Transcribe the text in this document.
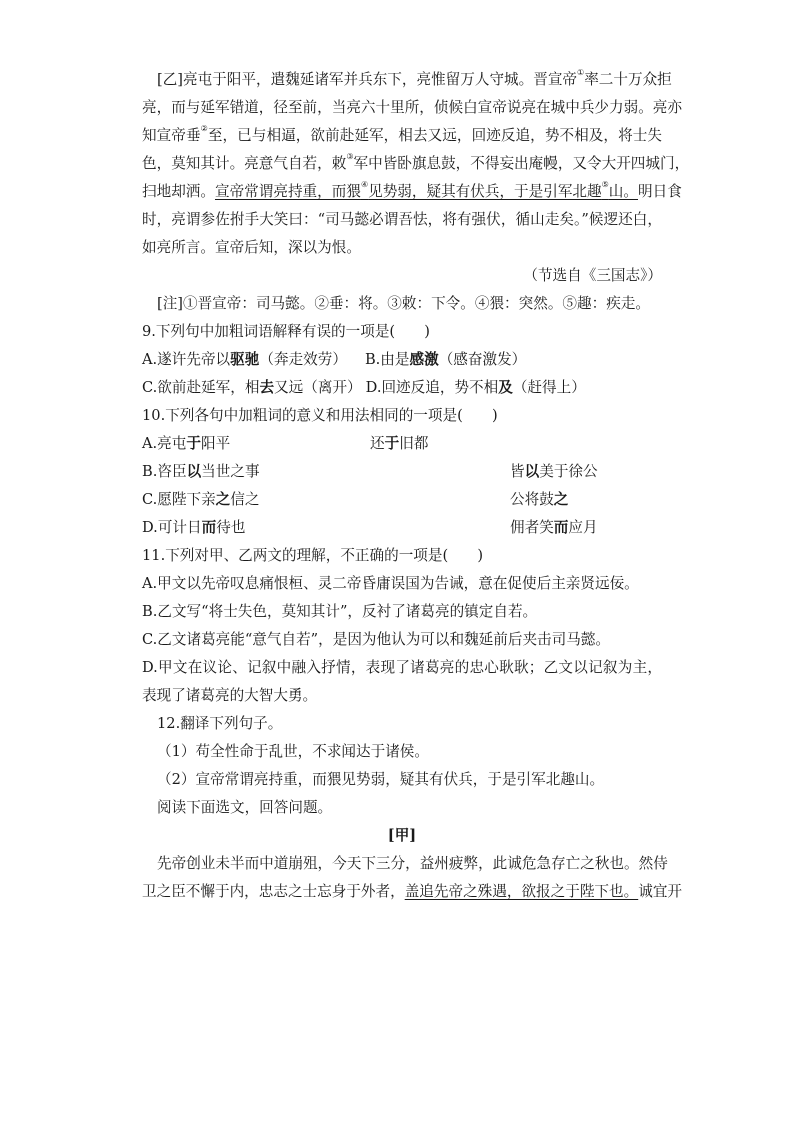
[乙]亮屯于阳平，遣魏延诸军并兵东下，亮惟留万人守城。晋宣帝①率二十万众拒

亮，而与延军错道，径至前，当亮六十里所，侦候白宣帝说亮在城中兵少力弱。亮亦

知宣帝垂②至，已与相逼，欲前赴延军，相去又远，回迹反追，势不相及，将士失

色，莫知其计。亮意气自若，敕③军中皆卧旗息鼓，不得妄出庵幔，又令大开四城门，

扫地却洒。宣帝常谓亮持重，而猥④见势弱，疑其有伏兵，于是引军北趣⑤山。明日食

时，亮谓参佐拊手大笑曰：“司马懿必谓吾怯，将有强伏，循山走矣。”候逻还白，

如亮所言。宣帝后知，深以为恨。

（节选自《三国志》）

[注]①晋宣帝：司马懿。②垂：将。③敕：下令。④猥：突然。⑤趣：疾走。

9.下列句中加粗词语解释有误的一项是(　　)

A.遂许先帝以驱驰（奔走效劳） B.由是感激（感奋激发）

C.欲前赴延军，相去又远（离开） D.回迹反追，势不相及（赶得上）

10.下列各句中加粗词的意义和用法相同的一项是(　　)

A.亮屯于阳平	还于旧都

B.咨臣以当世之事	皆以美于徐公

C.愿陛下亲之信之	公将鼓之

D.可计日而待也	佣者笑而应月

11.下列对甲、乙两文的理解，不正确的一项是(　　)

A.甲文以先帝叹息痛恨桓、灵二帝昏庸误国为告诫，意在促使后主亲贤远佞。

B.乙文写“将士失色，莫知其计”，反衬了诸葛亮的镇定自若。

C.乙文诸葛亮能“意气自若”，是因为他认为可以和魏延前后夹击司马懿。

D.甲文在议论、记叙中融入抒情，表现了诸葛亮的忠心耿耿；乙文以记叙为主，

表现了诸葛亮的大智大勇。

12.翻译下列句子。

（1）苟全性命于乱世，不求闻达于诸侯。

（2）宣帝常谓亮持重，而猥见势弱，疑其有伏兵，于是引军北趣山。

阅读下面选文，回答问题。

[甲]

先帝创业未半而中道崩殂，今天下三分，益州疲弊，此诚危急存亡之秋也。然侍

卫之臣不懈于内，忠志之士忘身于外者，盖追先帝之殊遇，欲报之于陛下也。诚宜开
